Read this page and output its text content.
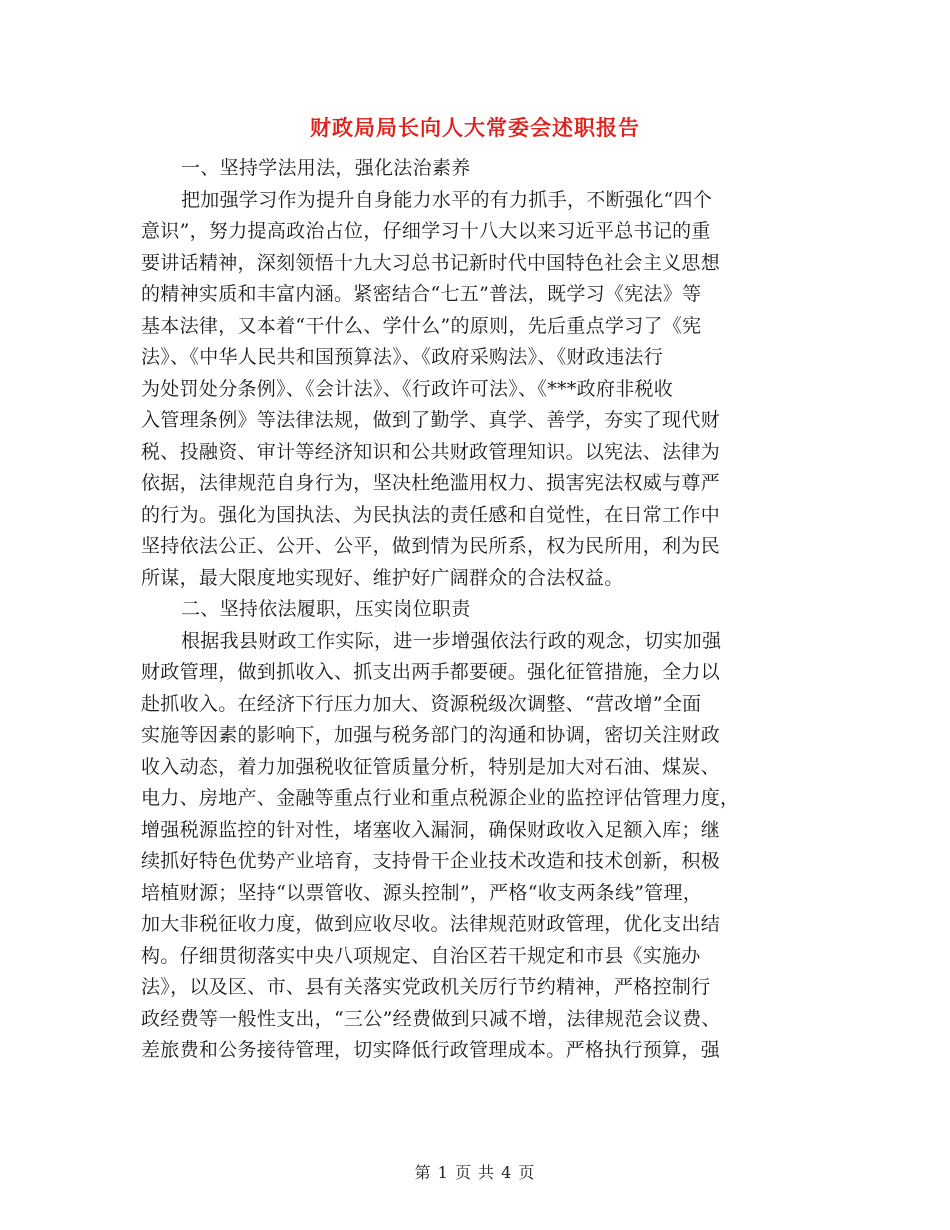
财政局局长向人大常委会述职报告
一、坚持学法用法，强化法治素养
把加强学习作为提升自身能力水平的有力抓手，不断强化“四个
意识”，努力提高政治占位，仔细学习十八大以来习近平总书记的重
要讲话精神，深刻领悟十九大习总书记新时代中国特色社会主义思想
的精神实质和丰富内涵。紧密结合“七五”普法，既学习《宪法》等
基本法律，又本着“干什么、学什么”的原则，先后重点学习了《宪
法》、《中华人民共和国预算法》、《政府采购法》、《财政违法行
为处罚处分条例》、《会计法》、《行政许可法》、《***政府非税收
入管理条例》等法律法规，做到了勤学、真学、善学，夯实了现代财
税、投融资、审计等经济知识和公共财政管理知识。以宪法、法律为
依据，法律规范自身行为，坚决杜绝滥用权力、损害宪法权威与尊严
的行为。强化为国执法、为民执法的责任感和自觉性，在日常工作中
坚持依法公正、公开、公平，做到情为民所系，权为民所用，利为民
所谋，最大限度地实现好、维护好广阔群众的合法权益。
二、坚持依法履职，压实岗位职责
根据我县财政工作实际，进一步增强依法行政的观念，切实加强
财政管理，做到抓收入、抓支出两手都要硬。强化征管措施，全力以
赴抓收入。在经济下行压力加大、资源税级次调整、“营改增”全面
实施等因素的影响下，加强与税务部门的沟通和协调，密切关注财政
收入动态，着力加强税收征管质量分析，特别是加大对石油、煤炭、
电力、房地产、金融等重点行业和重点税源企业的监控评估管理力度，
增强税源监控的针对性，堵塞收入漏洞，确保财政收入足额入库；继
续抓好特色优势产业培育，支持骨干企业技术改造和技术创新，积极
培植财源；坚持“以票管收、源头控制”，严格“收支两条线”管理，
加大非税征收力度，做到应收尽收。法律规范财政管理，优化支出结
构。仔细贯彻落实中央八项规定、自治区若干规定和市县《实施办
法》，以及区、市、县有关落实党政机关厉行节约精神，严格控制行
政经费等一般性支出，“三公”经费做到只减不增，法律规范会议费、
差旅费和公务接待管理，切实降低行政管理成本。严格执行预算，强
第 1 页 共 4 页
